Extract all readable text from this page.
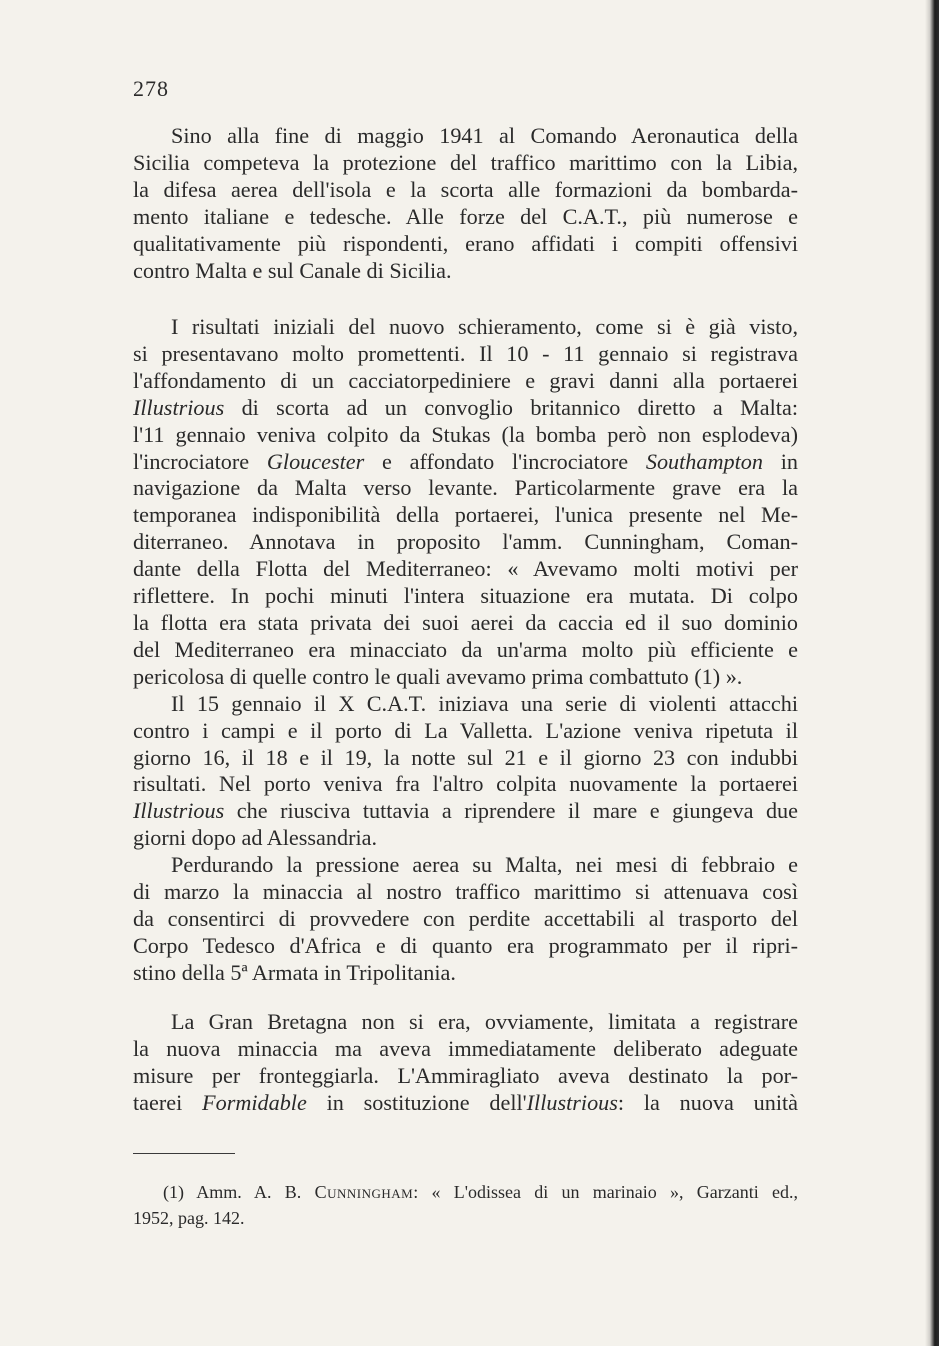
278
Sino alla fine di maggio 1941 al Comando Aeronautica della
Sicilia competeva la protezione del traffico marittimo con la Libia,
la difesa aerea dell'isola e la scorta alle formazioni da bombarda-
mento italiane e tedesche. Alle forze del C.A.T., più numerose e
qualitativamente più rispondenti, erano affidati i compiti offensivi
contro Malta e sul Canale di Sicilia.
I risultati iniziali del nuovo schieramento, come si è già visto,
si presentavano molto promettenti. Il 10 - 11 gennaio si registrava
l'affondamento di un cacciatorpediniere e gravi danni alla portaerei
Illustrious di scorta ad un convoglio britannico diretto a Malta:
l'11 gennaio veniva colpito da Stukas (la bomba però non esplodeva)
l'incrociatore Gloucester e affondato l'incrociatore Southampton in
navigazione da Malta verso levante. Particolarmente grave era la
temporanea indisponibilità della portaerei, l'unica presente nel Me-
diterraneo. Annotava in proposito l'amm. Cunningham, Coman-
dante della Flotta del Mediterraneo: « Avevamo molti motivi per
riflettere. In pochi minuti l'intera situazione era mutata. Di colpo
la flotta era stata privata dei suoi aerei da caccia ed il suo dominio
del Mediterraneo era minacciato da un'arma molto più efficiente e
pericolosa di quelle contro le quali avevamo prima combattuto (1) ».
Il 15 gennaio il X C.A.T. iniziava una serie di violenti attacchi
contro i campi e il porto di La Valletta. L'azione veniva ripetuta il
giorno 16, il 18 e il 19, la notte sul 21 e il giorno 23 con indubbi
risultati. Nel porto veniva fra l'altro colpita nuovamente la portaerei
Illustrious che riusciva tuttavia a riprendere il mare e giungeva due
giorni dopo ad Alessandria.
Perdurando la pressione aerea su Malta, nei mesi di febbraio e
di marzo la minaccia al nostro traffico marittimo si attenuava così
da consentirci di provvedere con perdite accettabili al trasporto del
Corpo Tedesco d'Africa e di quanto era programmato per il ripri-
stino della 5ª Armata in Tripolitania.
La Gran Bretagna non si era, ovviamente, limitata a registrare
la nuova minaccia ma aveva immediatamente deliberato adeguate
misure per fronteggiarla. L'Ammiragliato aveva destinato la por-
taerei Formidable in sostituzione dell'Illustrious: la nuova unità
(1) Amm. A. B. Cunningham: « L'odissea di un marinaio », Garzanti ed.,
1952, pag. 142.
